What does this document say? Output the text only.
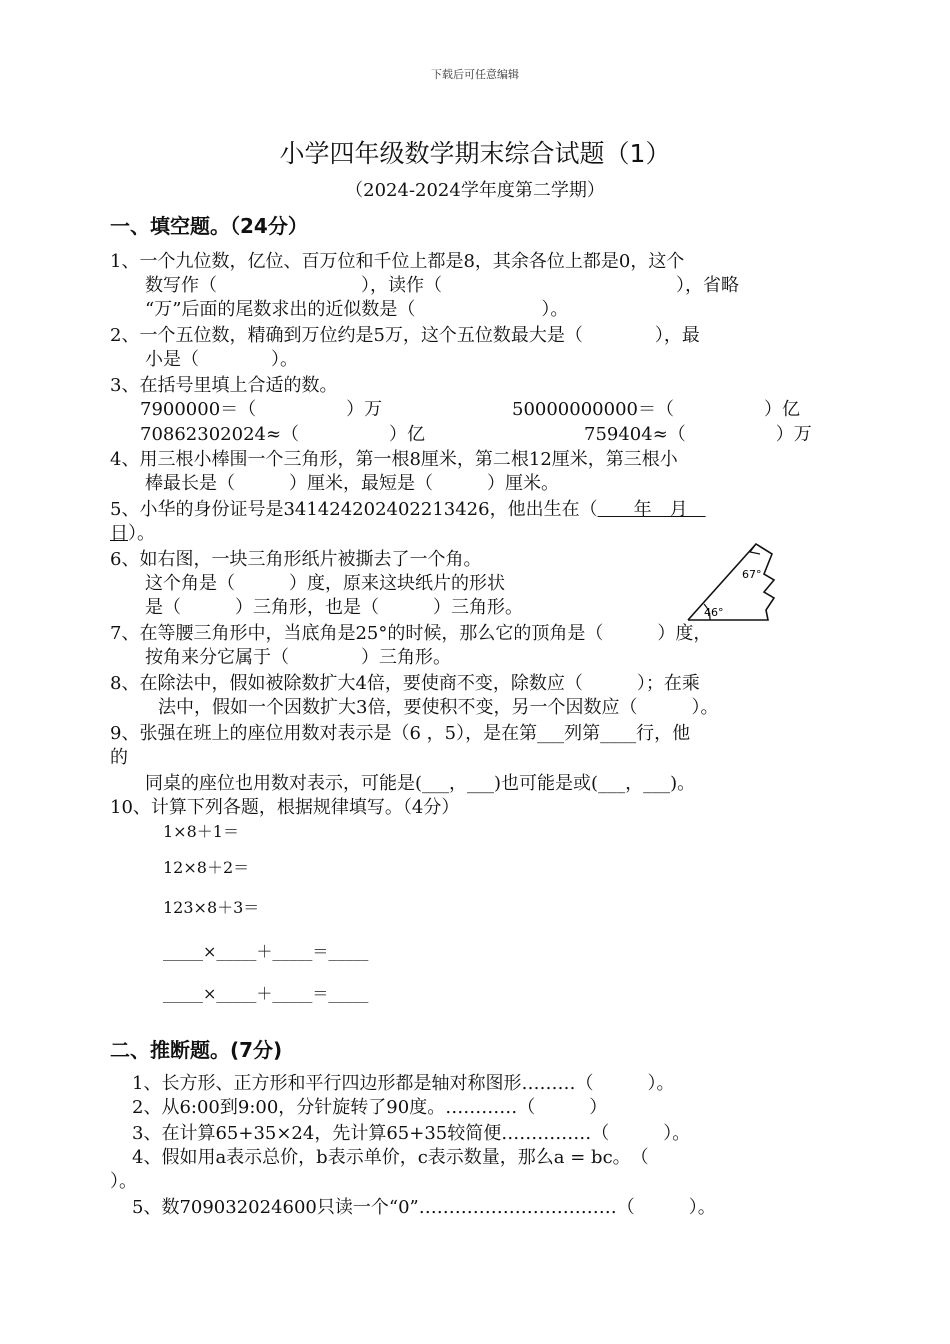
下载后可任意编辑
小学四年级数学期末综合试题（1）
（2024-2024学年度第二学期）
一、填空题。（24分）
1、一个九位数，亿位、百万位和千位上都是8，其余各位上都是0，这个
数写作（　　　　　　　　），读作（　　　　　　　　　　　　　），省略
“万”后面的尾数求出的近似数是（　　　　　　　）。
2、一个五位数，精确到万位约是5万，这个五位数最大是（　　　　），最
小是（　　　　）。
3、在括号里填上合适的数。
7900000＝（　　　　　）万	50000000000＝（　　　　　）亿
70862302024≈（　　　　　）亿	759404≈（　　　　　）万
4、用三根小棒围一个三角形，第一根8厘米，第二根12厘米，第三根小
棒最长是（　　　）厘米，最短是（　　　）厘米。
5、小华的身份证号是341424202402213426，他出生在（　　年　月　
日）。
6、如右图，一块三角形纸片被撕去了一个角。
这个角是（　　　）度，原来这块纸片的形状
是（　　　）三角形，也是（　　　）三角形。
67°
46°
7、在等腰三角形中，当底角是25°的时候，那么它的顶角是（　　　）度，
按角来分它属于（　　　　）三角形。
8、在除法中，假如被除数扩大4倍，要使商不变，除数应（　　　）；在乘
法中，假如一个因数扩大3倍，要使积不变，另一个因数应（　　　）。
9、张强在班上的座位用数对表示是（6 ，5），是在第___列第____行，他
的
同桌的座位也用数对表示，可能是(___，___)也可能是或(___，___)。
10、计算下列各题，根据规律填写。（4分）
1×8＋1＝
12×8＋2＝
123×8＋3＝
_____×_____＋_____＝_____
_____×_____＋_____＝_____
二、推断题。(7分)
1、长方形、正方形和平行四边形都是轴对称图形………（　　　）。
2、从6:00到9:00，分针旋转了90度。…………（　　　）
3、在计算65+35×24，先计算65+35较简便……………（　　　）。
4、假如用a表示总价，b表示单价，c表示数量，那么a = bc。　（
）。
5、数709032024600只读一个“0”……………………………（　　　）。
